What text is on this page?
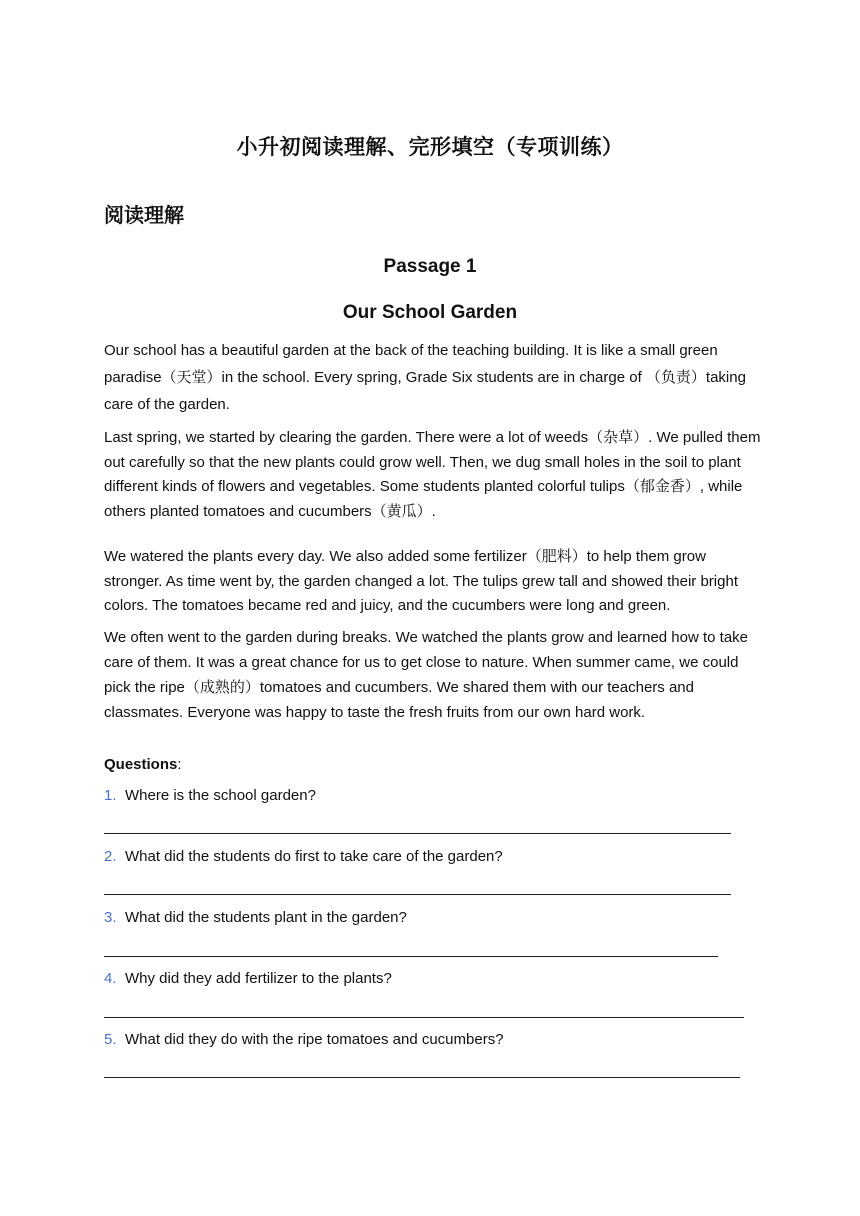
小升初阅读理解、完形填空（专项训练）
阅读理解
Passage 1
Our School Garden
Our school has a beautiful garden at the back of the teaching building. It is like a small green paradise（天堂）in the school. Every spring, Grade Six students are in charge of （负责）taking care of the garden.
Last spring, we started by clearing the garden. There were a lot of weeds（杂草）. We pulled them out carefully so that the new plants could grow well. Then, we dug small holes in the soil to plant different kinds of flowers and vegetables. Some students planted colorful tulips（郁金香）, while others planted tomatoes and cucumbers（黄瓜）.
We watered the plants every day. We also added some fertilizer（肥料）to help them grow stronger. As time went by, the garden changed a lot. The tulips grew tall and showed their bright colors. The tomatoes became red and juicy, and the cucumbers were long and green.
We often went to the garden during breaks. We watched the plants grow and learned how to take care of them. It was a great chance for us to get close to nature. When summer came, we could pick the ripe（成熟的）tomatoes and cucumbers. We shared them with our teachers and classmates. Everyone was happy to taste the fresh fruits from our own hard work.
Questions:
1. Where is the school garden?
2. What did the students do first to take care of the garden?
3. What did the students plant in the garden?
4. Why did they add fertilizer to the plants?
5. What did they do with the ripe tomatoes and cucumbers?
